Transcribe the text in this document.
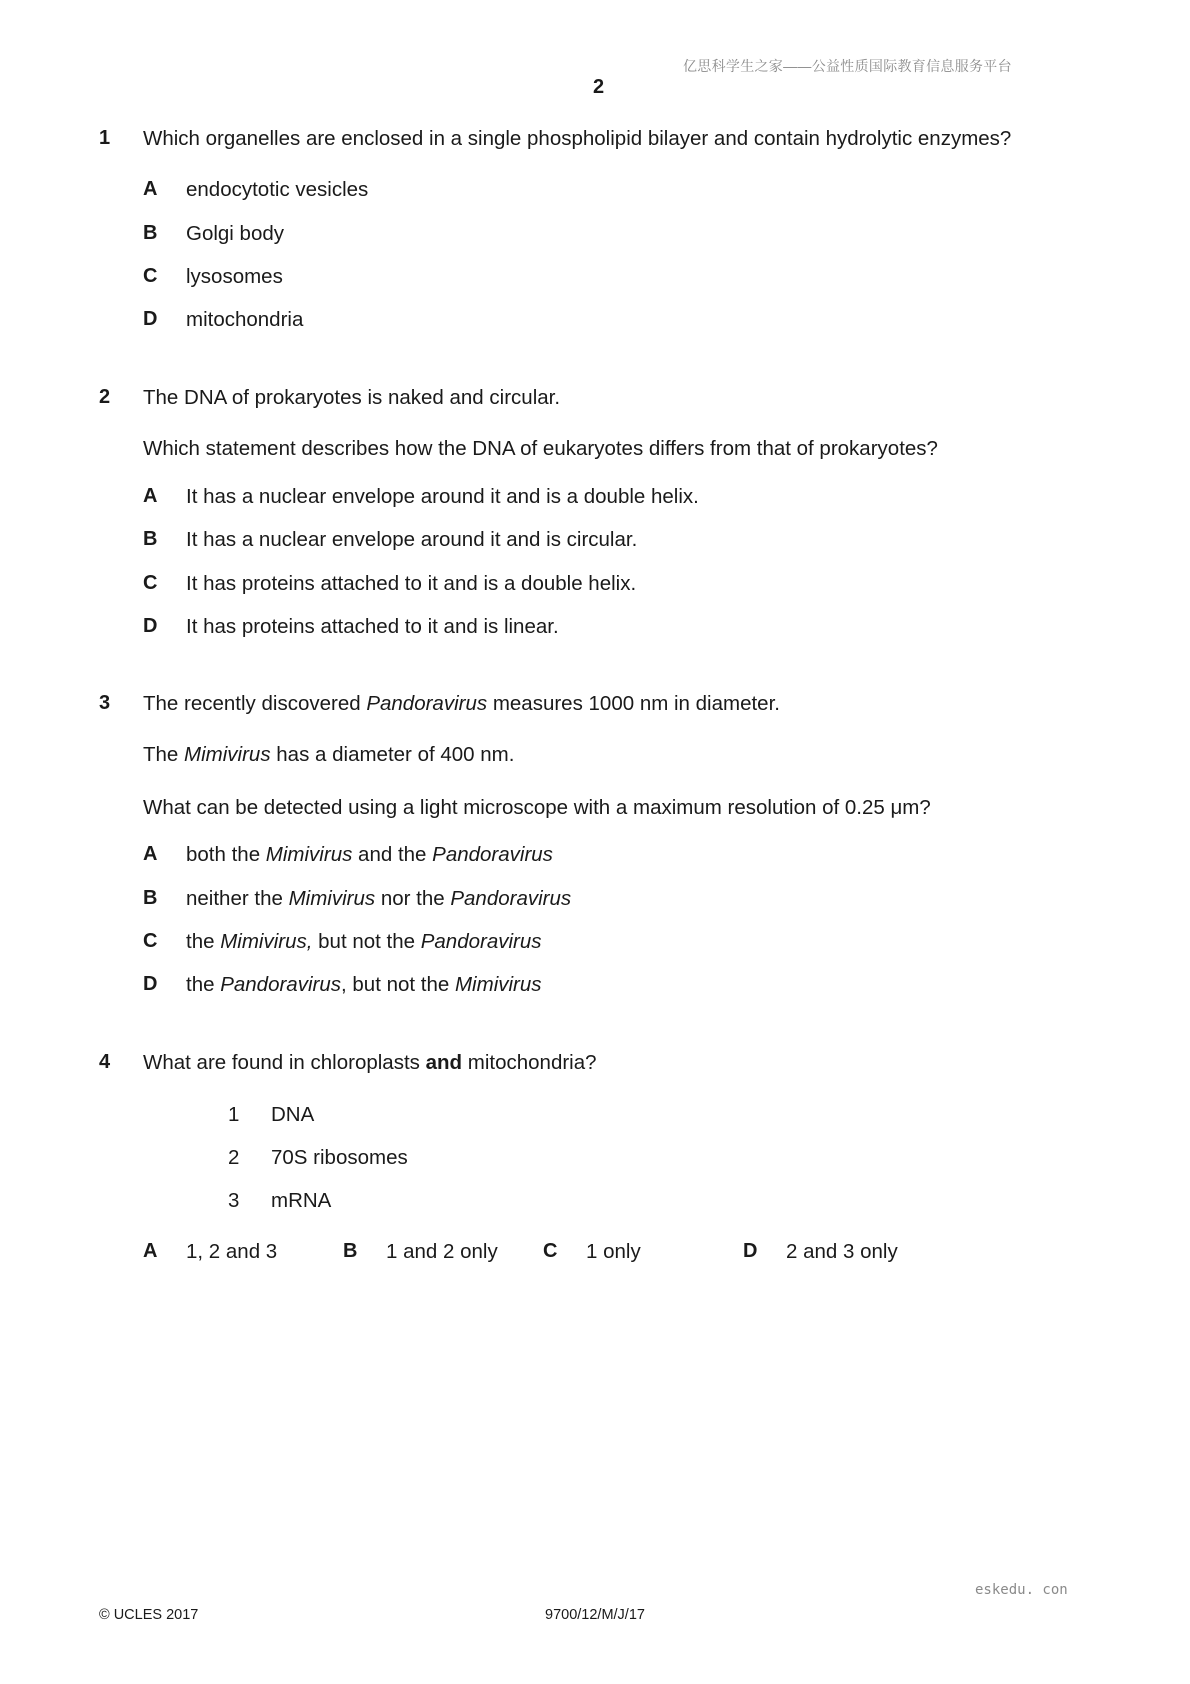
亿思科学生之家——公益性质国际教育信息服务平台
2
1 Which organelles are enclosed in a single phospholipid bilayer and contain hydrolytic enzymes?
A endocytotic vesicles
B Golgi body
C lysosomes
D mitochondria
2 The DNA of prokaryotes is naked and circular.
Which statement describes how the DNA of eukaryotes differs from that of prokaryotes?
A It has a nuclear envelope around it and is a double helix.
B It has a nuclear envelope around it and is circular.
C It has proteins attached to it and is a double helix.
D It has proteins attached to it and is linear.
3 The recently discovered Pandoravirus measures 1000 nm in diameter.
The Mimivirus has a diameter of 400 nm.
What can be detected using a light microscope with a maximum resolution of 0.25 μm?
A both the Mimivirus and the Pandoravirus
B neither the Mimivirus nor the Pandoravirus
C the Mimivirus, but not the Pandoravirus
D the Pandoravirus, but not the Mimivirus
4 What are found in chloroplasts and mitochondria?
1 DNA
2 70S ribosomes
3 mRNA
A 1, 2 and 3	B 1 and 2 only C 1 only	D 2 and 3 only
eskedu. con
© UCLES 2017	9700/12/M/J/17
